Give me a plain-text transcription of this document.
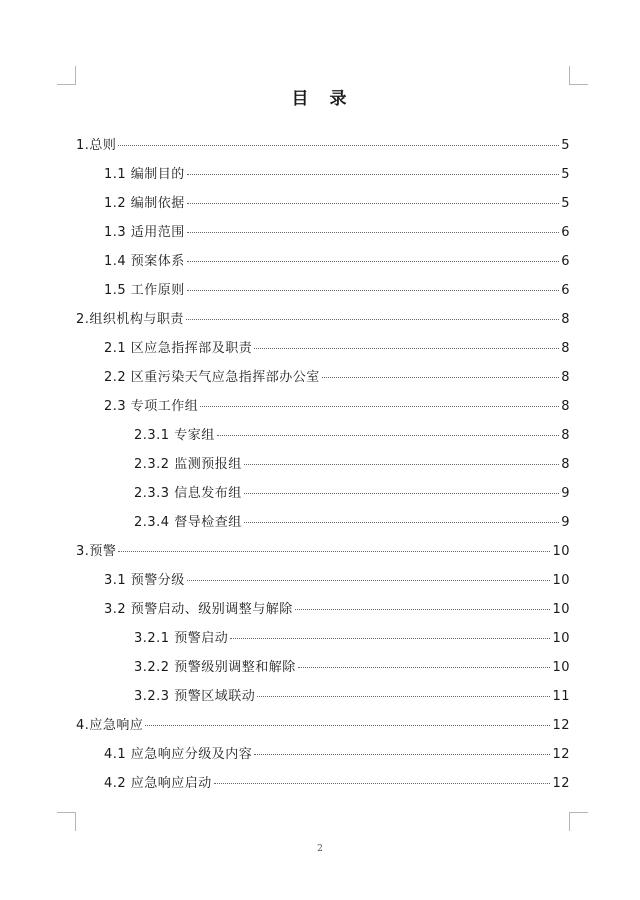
目　录
1.总则	5
1.1 编制目的	5
1.2 编制依据	5
1.3 适用范围	6
1.4 预案体系	6
1.5 工作原则	6
2.组织机构与职责	8
2.1 区应急指挥部及职责	8
2.2 区重污染天气应急指挥部办公室	8
2.3 专项工作组	8
2.3.1 专家组	8
2.3.2 监测预报组	8
2.3.3 信息发布组	9
2.3.4 督导检查组	9
3.预警	10
3.1 预警分级	10
3.2 预警启动、级别调整与解除	10
3.2.1 预警启动	10
3.2.2 预警级别调整和解除	10
3.2.3 预警区域联动	11
4.应急响应	12
4.1 应急响应分级及内容	12
4.2 应急响应启动	12
2
